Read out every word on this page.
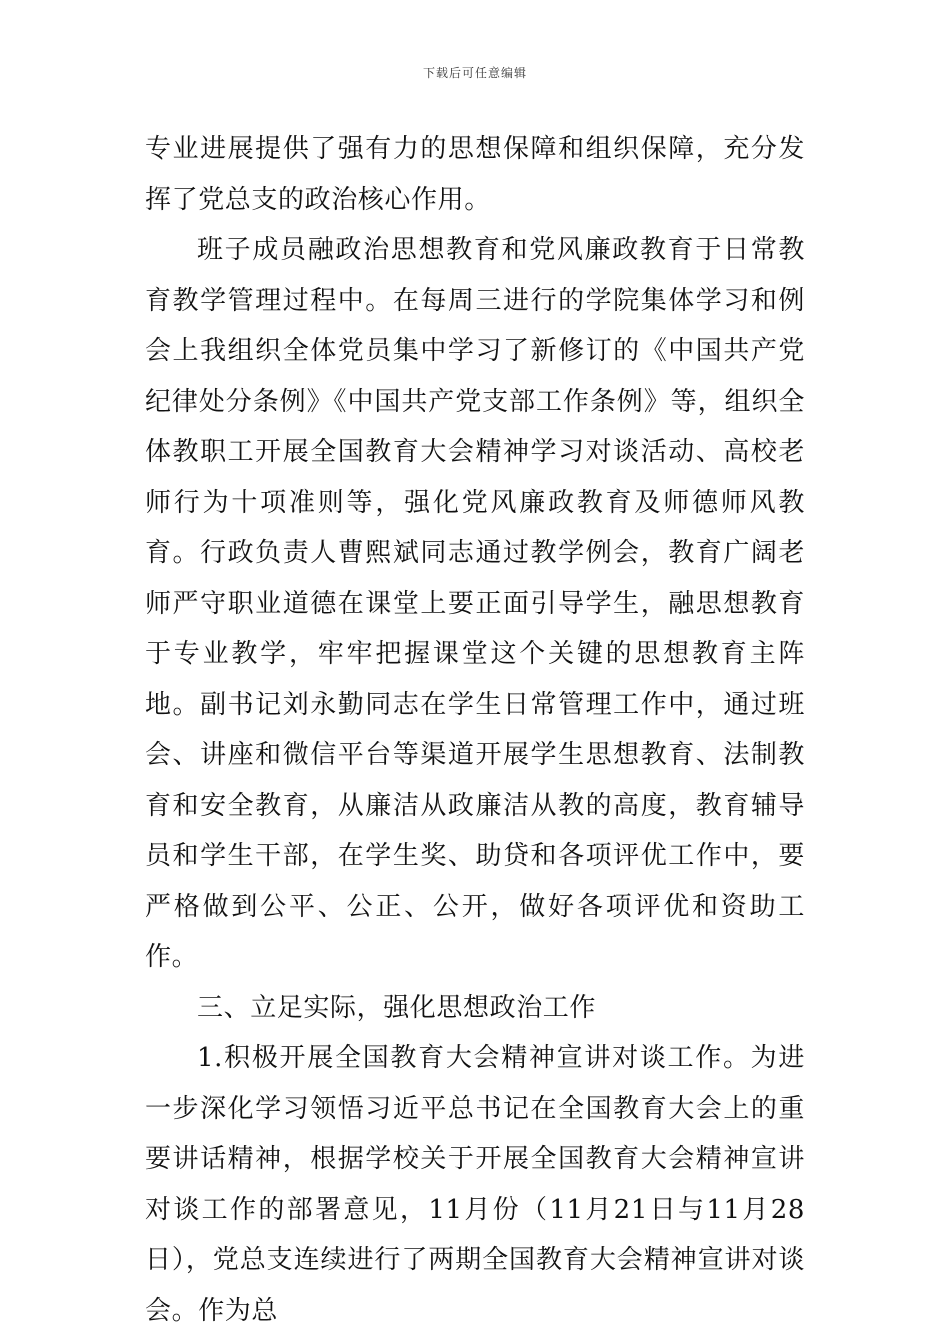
下载后可任意编辑

专业进展提供了强有力的思想保障和组织保障，充分发挥了党总支的政治核心作用。

班子成员融政治思想教育和党风廉政教育于日常教育教学管理过程中。在每周三进行的学院集体学习和例会上我组织全体党员集中学习了新修订的《中国共产党纪律处分条例》《中国共产党支部工作条例》等，组织全体教职工开展全国教育大会精神学习对谈活动、高校老师行为十项准则等，强化党风廉政教育及师德师风教育。行政负责人曹熙斌同志通过教学例会，教育广阔老师严守职业道德在课堂上要正面引导学生，融思想教育于专业教学，牢牢把握课堂这个关键的思想教育主阵地。副书记刘永勤同志在学生日常管理工作中，通过班会、讲座和微信平台等渠道开展学生思想教育、法制教育和安全教育，从廉洁从政廉洁从教的高度，教育辅导员和学生干部，在学生奖、助贷和各项评优工作中，要严格做到公平、公正、公开，做好各项评优和资助工作。

三、立足实际，强化思想政治工作

1.积极开展全国教育大会精神宣讲对谈工作。为进一步深化学习领悟习近平总书记在全国教育大会上的重要讲话精神，根据学校关于开展全国教育大会精神宣讲对谈工作的部署意见，11月份（11月21日与11月28日），党总支连续进行了两期全国教育大会精神宣讲对谈会。作为总
